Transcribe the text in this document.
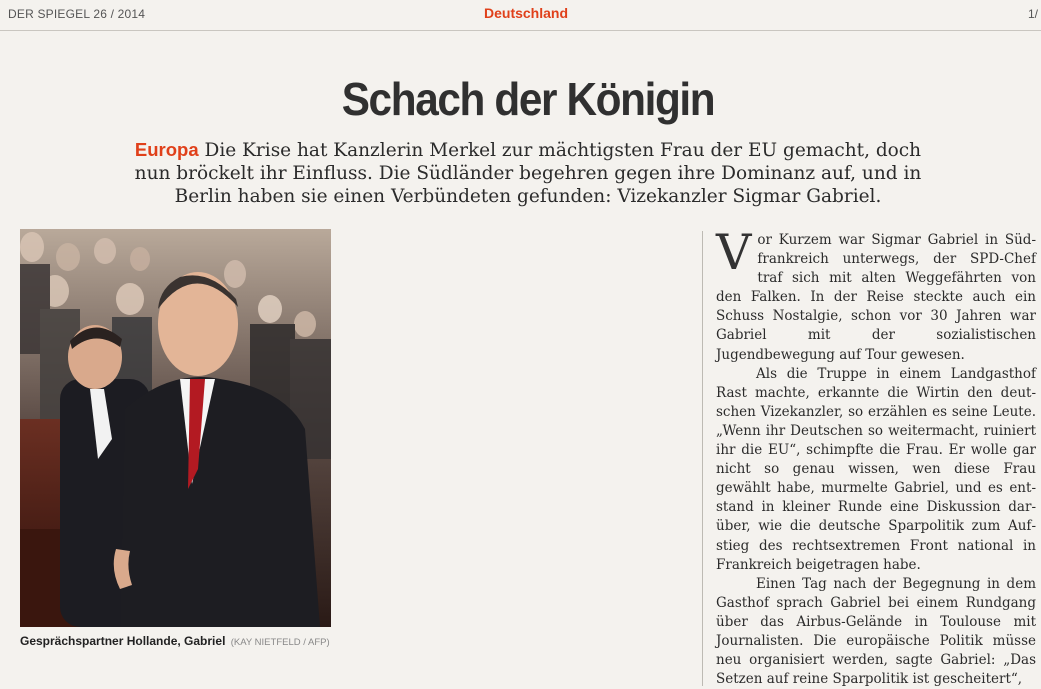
DER SPIEGEL 26 / 2014	Deutschland	1/
Schach der Königin
Europa Die Krise hat Kanzlerin Merkel zur mächtigsten Frau der EU gemacht, doch nun bröckelt ihr Einfluss. Die Südländer begehren gegen ihre Dominanz auf, und in Berlin haben sie einen Verbündeten gefunden: Vizekanzler Sigmar Gabriel.
Gesprächspartner Hollande, Gabriel (KAY NIETFELD / AFP)
V or Kurzem war Sigmar Gabriel in Südfrankreich unterwegs, der SPD-Chef traf sich mit alten Weggefährten von den Falken. In der Reise steckte auch ein Schuss Nostalgie, schon vor 30 Jahren war Gabriel mit der sozialistischen Jugendbewegung auf Tour gewesen.

Als die Truppe in einem Landgasthof Rast machte, erkannte die Wirtin den deutschen Vizekanzler, so erzählen es seine Leute. „Wenn ihr Deutschen so weitermacht, ruiniert ihr die EU“, schimpfte die Frau. Er wolle gar nicht so genau wissen, wen diese Frau gewählt habe, murmelte Gabriel, und es entstand in kleiner Runde eine Diskussion darüber, wie die deutsche Sparpolitik zum Aufstieg des rechtsextremen Front national in Frankreich beigetragen habe.

Einen Tag nach der Begegnung in dem Gasthof sprach Gabriel bei einem Rundgang über das Airbus-Gelände in Toulouse mit Journalisten. Die europäische Politik müsse neu organisiert werden, sagte Gabriel: „Das Setzen auf reine Sparpolitik ist gescheitert“,
